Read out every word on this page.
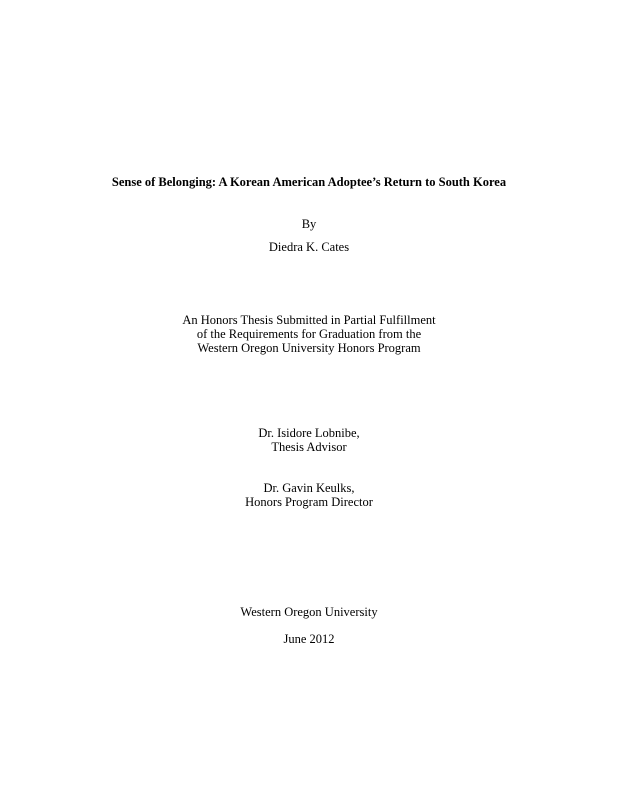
Sense of Belonging: A Korean American Adoptee’s Return to South Korea
By
Diedra K. Cates
An Honors Thesis Submitted in Partial Fulfillment
of the Requirements for Graduation from the
Western Oregon University Honors Program
Dr. Isidore Lobnibe,
Thesis Advisor
Dr. Gavin Keulks,
Honors Program Director
Western Oregon University
June 2012
